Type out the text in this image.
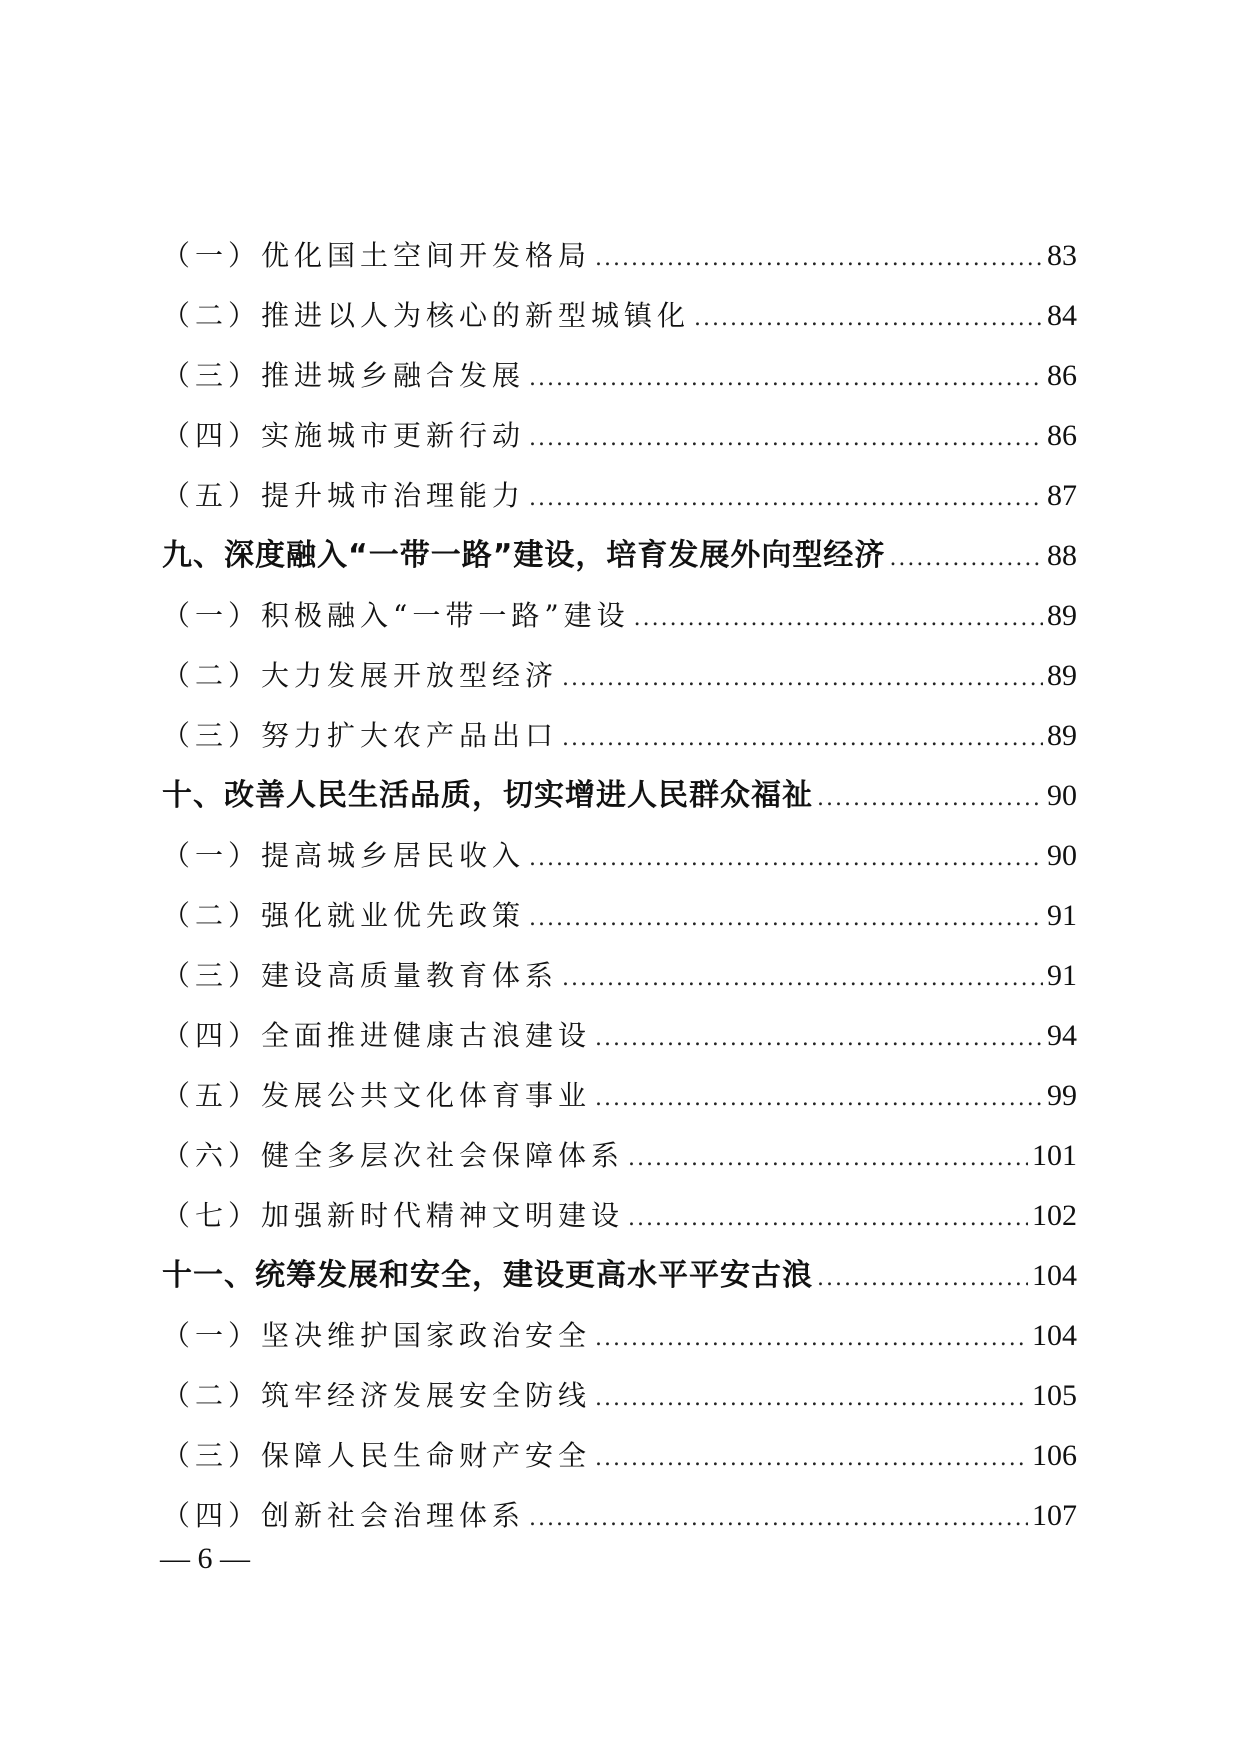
（一）优化国土空间开发格局 .....	83
（二）推进以人为核心的新型城镇化 .....	84
（三）推进城乡融合发展 .....	86
（四）实施城市更新行动 .....	86
（五）提升城市治理能力 .....	87
九、深度融入“一带一路”建设，培育发展外向型经济 .....	88
（一）积极融入“一带一路”建设 .....	89
（二）大力发展开放型经济 .....	89
（三）努力扩大农产品出口 .....	89
十、改善人民生活品质，切实增进人民群众福祉 .....	90
（一）提高城乡居民收入 .....	90
（二）强化就业优先政策 .....	91
（三）建设高质量教育体系 .....	91
（四）全面推进健康古浪建设 .....	94
（五）发展公共文化体育事业 .....	99
（六）健全多层次社会保障体系 .....	101
（七）加强新时代精神文明建设 .....	102
十一、统筹发展和安全，建设更高水平平安古浪 .....	104
（一）坚决维护国家政治安全 .....	104
（二）筑牢经济发展安全防线 .....	105
（三）保障人民生命财产安全 .....	106
（四）创新社会治理体系 .....	107
— 6 —
